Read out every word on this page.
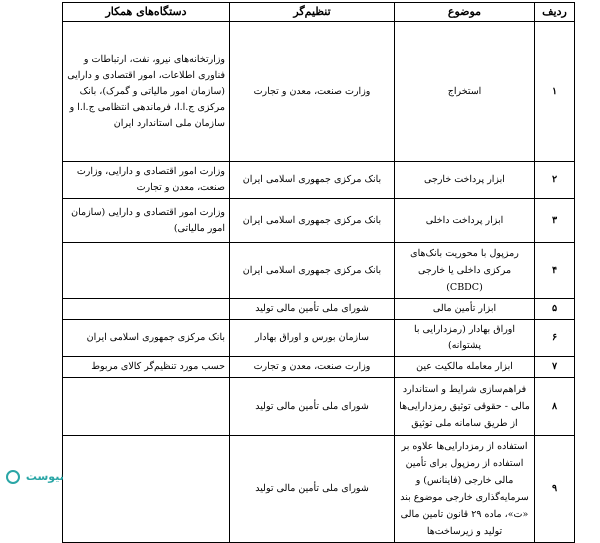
ردیف	موضوع	تنظیم‌گر	دستگاه‌های همکار
۱	استخراج	وزارت صنعت، معدن و تجارت	وزارتخانه‌های نیرو، نفت، ارتباطات و فناوری اطلاعات، امور اقتصادی و دارایی (سازمان امور مالیاتی و گمرک)، بانک مرکزی ج.ا.ا، فرماندهی انتظامی ج.ا.ا و سازمان ملی استاندارد ایران
۲	ابزار پرداخت خارجی	بانک مرکزی جمهوری اسلامی ایران	وزارت امور اقتصادی و دارایی، وزارت صنعت، معدن و تجارت
۳	ابزار پرداخت داخلی	بانک مرکزی جمهوری اسلامی ایران	وزارت امور اقتصادی و دارایی (سازمان امور مالیاتی)
۴	رمزپول با محوریت بانک‌های مرکزی داخلی یا خارجی (CBDC)	بانک مرکزی جمهوری اسلامی ایران	
۵	ابزار تأمین مالی	شورای ملی تأمین مالی تولید	
۶	اوراق بهادار (رمزدارایی با پشتوانه)	سازمان بورس و اوراق بهادار	بانک مرکزی جمهوری اسلامی ایران
۷	ابزار معامله مالکیت عین	وزارت صنعت، معدن و تجارت	حسب مورد تنظیم‌گر کالای مربوط
۸	فراهم‌سازی شرایط و استاندارد مالی - حقوقی توثیق رمزدارایی‌ها از طریق سامانه ملی توثیق	شورای ملی تأمین مالی تولید	
۹	استفاده از رمزدارایی‌ها علاوه بر استفاده از رمزپول برای تأمین مالی خارجی (فاینانس) و سرمایه‌گذاری خارجی موضوع بند «ت»، ماده ۲۹ قانون تامین مالی تولید و زیرساخت‌ها	شورای ملی تأمین مالی تولید	
ﻧﯿﻮﺳﺖ
